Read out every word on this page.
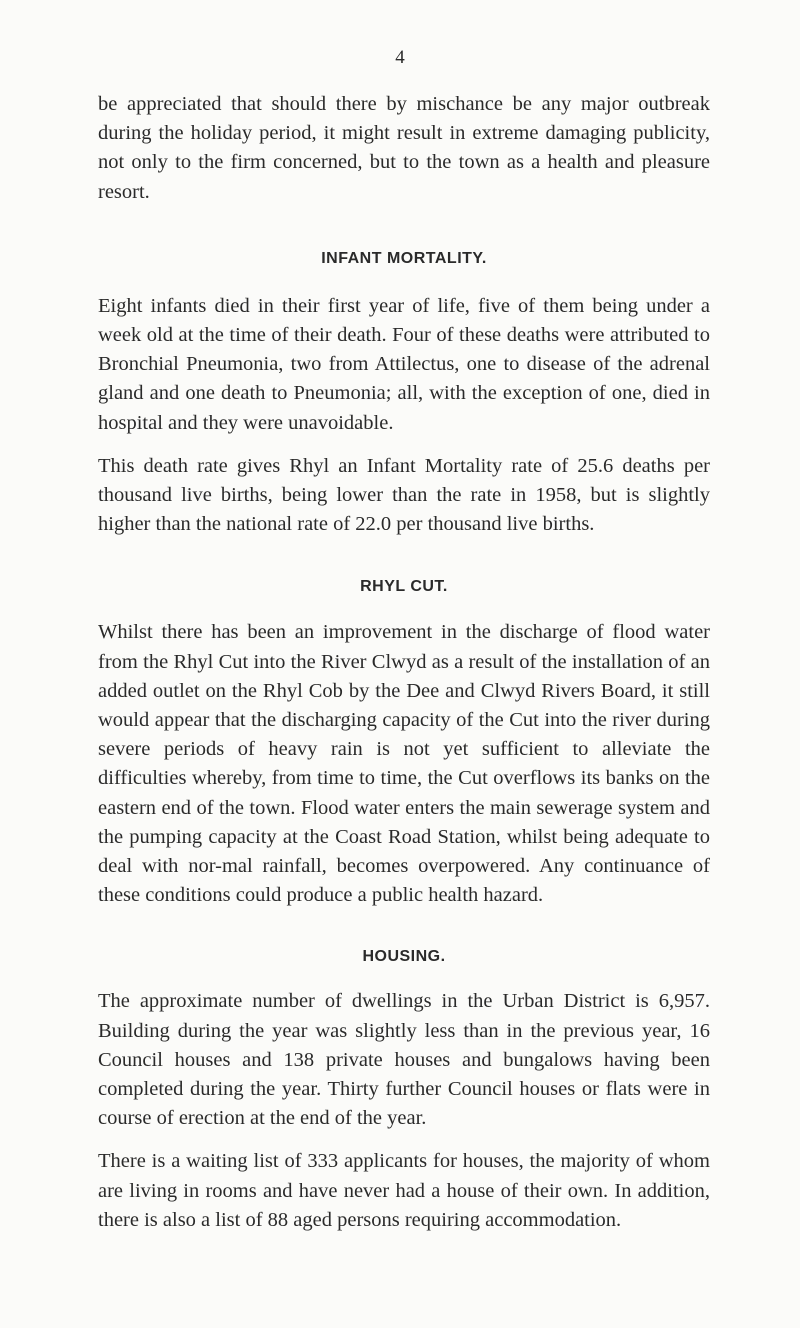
4

be appreciated that should there by mischance be any major outbreak during the holiday period, it might result in extreme damaging publicity, not only to the firm concerned, but to the town as a health and pleasure resort.

INFANT MORTALITY.

Eight infants died in their first year of life, five of them being under a week old at the time of their death. Four of these deaths were attributed to Bronchial Pneumonia, two from Attilectus, one to disease of the adrenal gland and one death to Pneumonia; all, with the exception of one, died in hospital and they were unavoidable.

This death rate gives Rhyl an Infant Mortality rate of 25.6 deaths per thousand live births, being lower than the rate in 1958, but is slightly higher than the national rate of 22.0 per thousand live births.

RHYL CUT.

Whilst there has been an improvement in the discharge of flood water from the Rhyl Cut into the River Clwyd as a result of the installation of an added outlet on the Rhyl Cob by the Dee and Clwyd Rivers Board, it still would appear that the discharging capacity of the Cut into the river during severe periods of heavy rain is not yet sufficient to alleviate the difficulties whereby, from time to time, the Cut overflows its banks on the eastern end of the town. Flood water enters the main sewerage system and the pumping capacity at the Coast Road Station, whilst being adequate to deal with nor-mal rainfall, becomes overpowered. Any continuance of these conditions could produce a public health hazard.

HOUSING.

The approximate number of dwellings in the Urban District is 6,957. Building during the year was slightly less than in the previous year, 16 Council houses and 138 private houses and bungalows having been completed during the year. Thirty further Council houses or flats were in course of erection at the end of the year.

There is a waiting list of 333 applicants for houses, the majority of whom are living in rooms and have never had a house of their own. In addition, there is also a list of 88 aged persons requiring accommodation.
